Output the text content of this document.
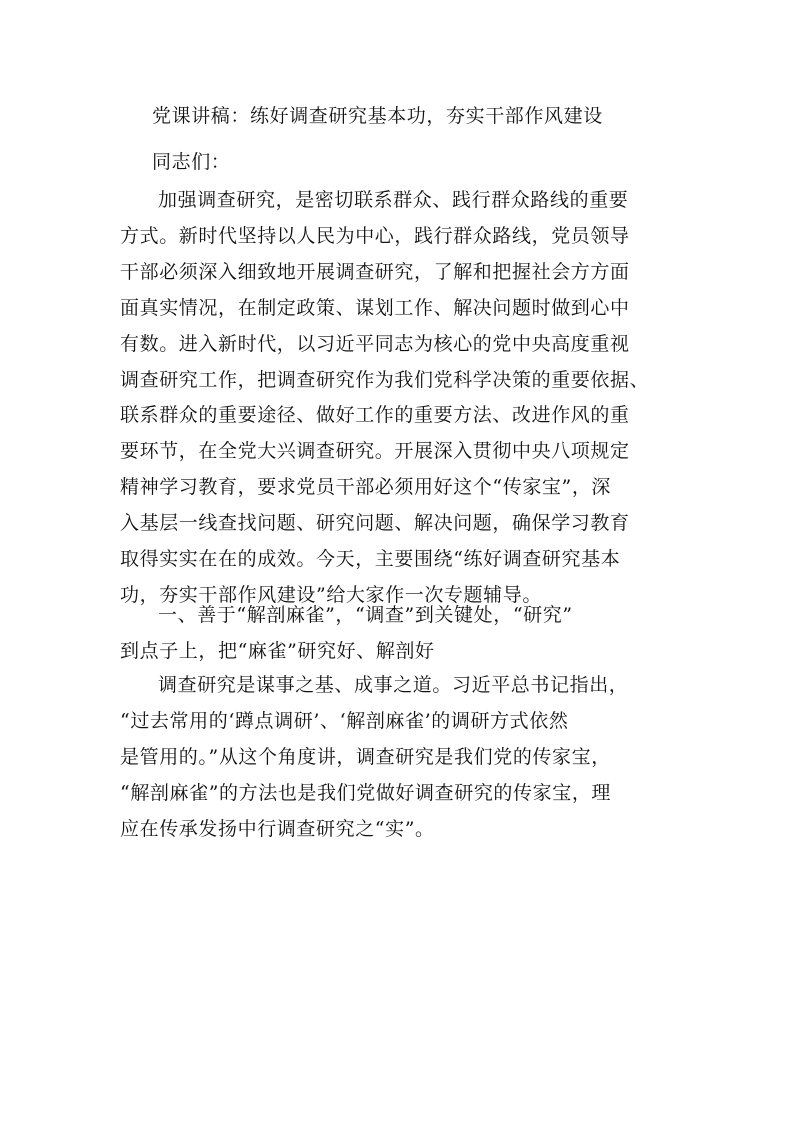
党课讲稿：练好调查研究基本功，夯实干部作风建设

同志们：

加强调查研究，是密切联系群众、践行群众路线的重要
方式。新时代坚持以人民为中心，践行群众路线，党员领导
干部必须深入细致地开展调查研究，了解和把握社会方方面
面真实情况，在制定政策、谋划工作、解决问题时做到心中
有数。进入新时代，以习近平同志为核心的党中央高度重视
调查研究工作，把调查研究作为我们党科学决策的重要依据、
联系群众的重要途径、做好工作的重要方法、改进作风的重
要环节，在全党大兴调查研究。开展深入贯彻中央八项规定
精神学习教育，要求党员干部必须用好这个“传家宝”，深
入基层一线查找问题、研究问题、解决问题，确保学习教育
取得实实在在的成效。今天，主要围绕“练好调查研究基本
功，夯实干部作风建设”给大家作一次专题辅导。

一、善于“解剖麻雀”，“调查”到关键处，“研究”
到点子上，把“麻雀”研究好、解剖好

调查研究是谋事之基、成事之道。习近平总书记指出，
“过去常用的‘蹲点调研’、‘解剖麻雀’的调研方式依然
是管用的。”从这个角度讲，调查研究是我们党的传家宝，
“解剖麻雀”的方法也是我们党做好调查研究的传家宝，理
应在传承发扬中行调查研究之“实”。
